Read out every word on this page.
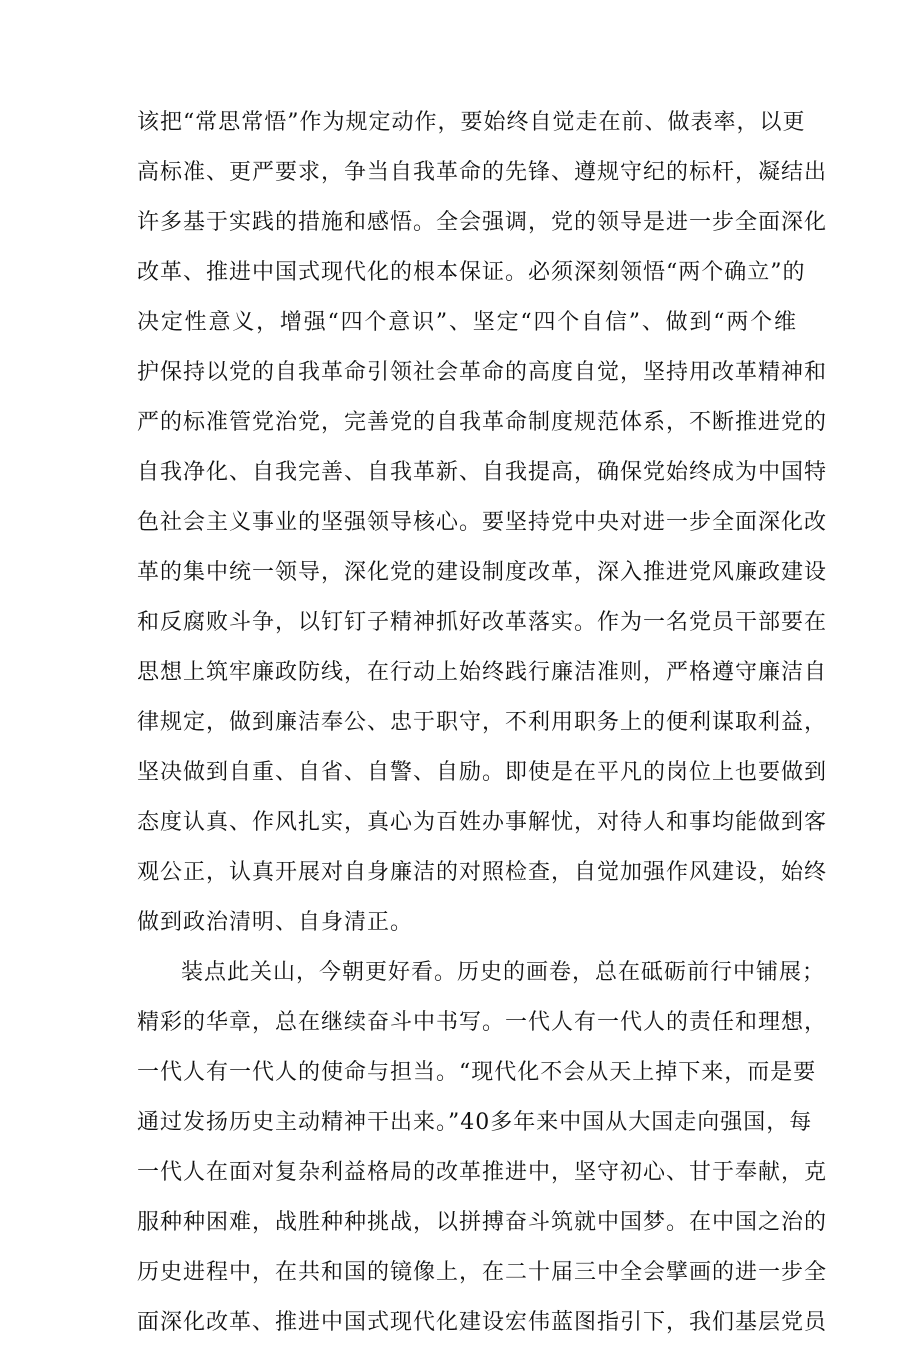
该把“常思常悟”作为规定动作，要始终自觉走在前、做表率，以更
高标准、更严要求，争当自我革命的先锋、遵规守纪的标杆，凝结出
许多基于实践的措施和感悟。全会强调，党的领导是进一步全面深化
改革、推进中国式现代化的根本保证。必须深刻领悟“两个确立”的
决定性意义，增强“四个意识”、坚定“四个自信”、做到“两个维
护保持以党的自我革命引领社会革命的高度自觉，坚持用改革精神和
严的标准管党治党，完善党的自我革命制度规范体系，不断推进党的
自我净化、自我完善、自我革新、自我提高，确保党始终成为中国特
色社会主义事业的坚强领导核心。要坚持党中央对进一步全面深化改
革的集中统一领导，深化党的建设制度改革，深入推进党风廉政建设
和反腐败斗争，以钉钉子精神抓好改革落实。作为一名党员干部要在
思想上筑牢廉政防线，在行动上始终践行廉洁准则，严格遵守廉洁自
律规定，做到廉洁奉公、忠于职守，不利用职务上的便利谋取利益，
坚决做到自重、自省、自警、自励。即使是在平凡的岗位上也要做到
态度认真、作风扎实，真心为百姓办事解忧，对待人和事均能做到客
观公正，认真开展对自身廉洁的对照检查，自觉加强作风建设，始终
做到政治清明、自身清正。
装点此关山，今朝更好看。历史的画卷，总在砥砺前行中铺展；
精彩的华章，总在继续奋斗中书写。一代人有一代人的责任和理想，
一代人有一代人的使命与担当。“现代化不会从天上掉下来，而是要
通过发扬历史主动精神干出来。”40多年来中国从大国走向强国，每
一代人在面对复杂利益格局的改革推进中，坚守初心、甘于奉献，克
服种种困难，战胜种种挑战，以拼搏奋斗筑就中国梦。在中国之治的
历史进程中，在共和国的镜像上，在二十届三中全会擘画的进一步全
面深化改革、推进中国式现代化建设宏伟蓝图指引下，我们基层党员
